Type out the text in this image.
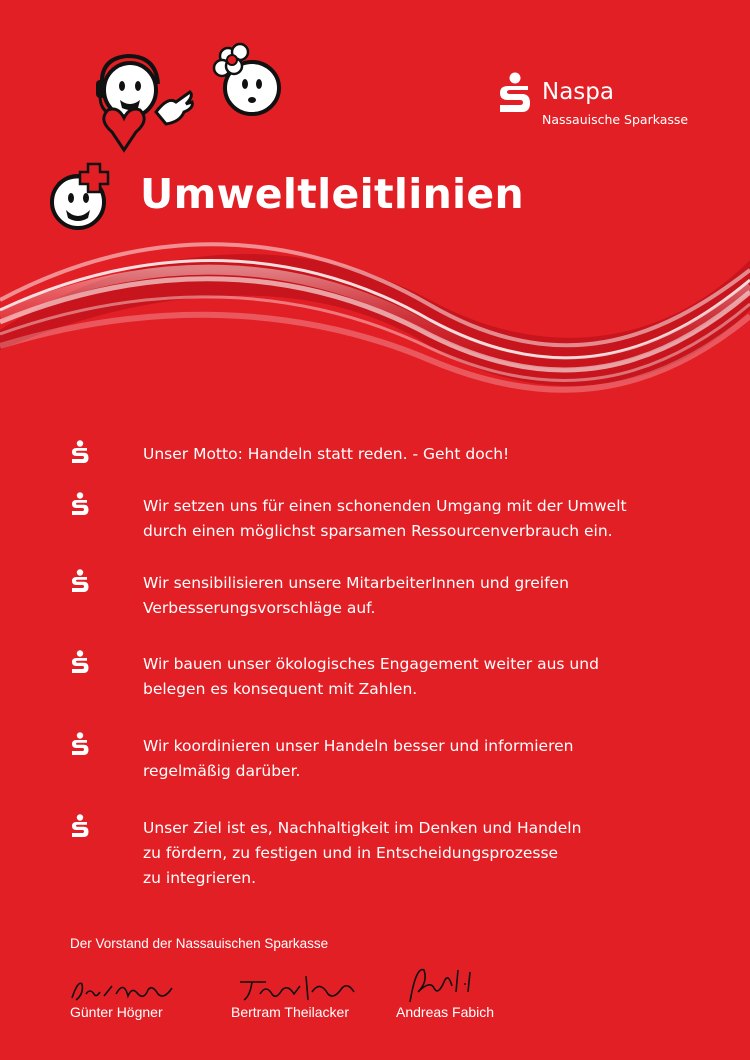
Naspa
Nassauische Sparkasse
Umweltleitlinien
Unser Motto: Handeln statt reden. - Geht doch!
Wir setzen uns für einen schonenden Umgang mit der Umwelt
durch einen möglichst sparsamen Ressourcenverbrauch ein.
Wir sensibilisieren unsere MitarbeiterInnen und greifen
Verbesserungsvorschläge auf.
Wir bauen unser ökologisches Engagement weiter aus und
belegen es konsequent mit Zahlen.
Wir koordinieren unser Handeln besser und informieren
regelmäßig darüber.
Unser Ziel ist es, Nachhaltigkeit im Denken und Handeln
zu fördern, zu festigen und in Entscheidungsprozesse
zu integrieren.
Der Vorstand der Nassauischen Sparkasse
Günter Högner	Bertram Theilacker	Andreas Fabich
